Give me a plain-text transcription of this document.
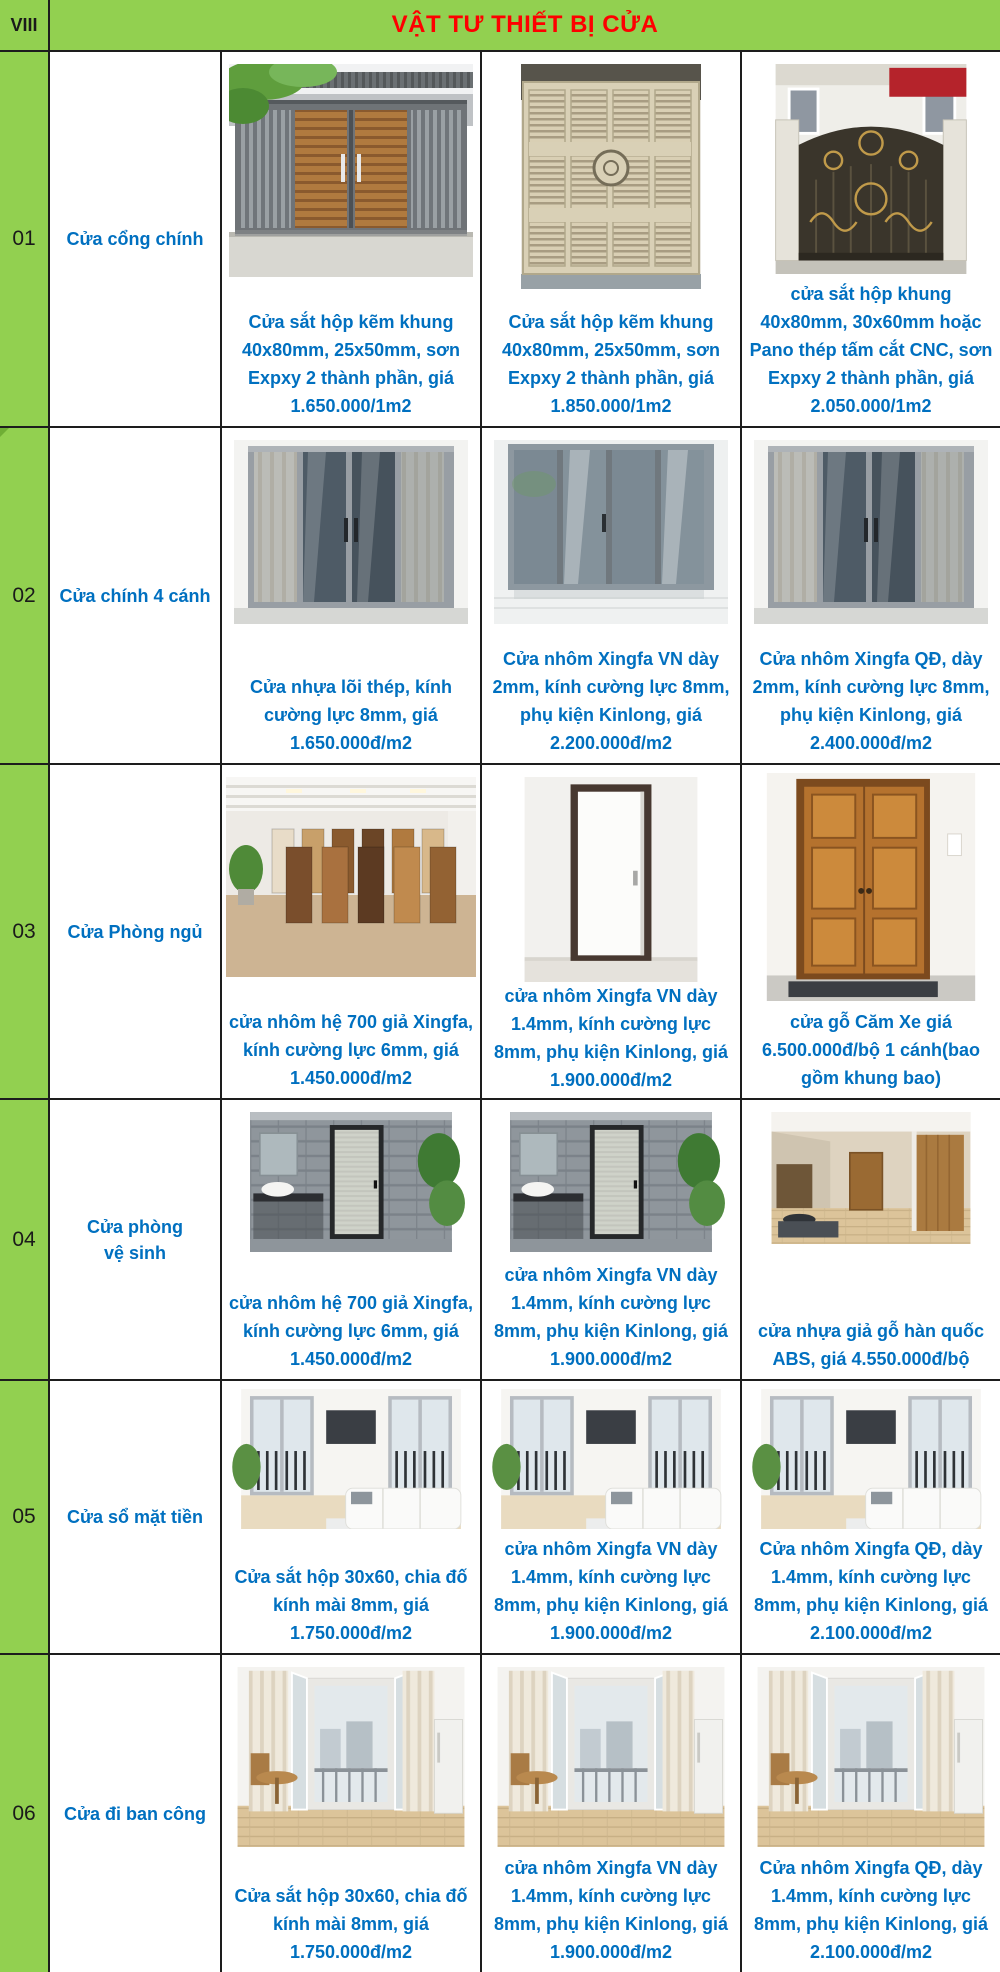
VIII	VẬT TƯ THIẾT BỊ CỬA
01 Cửa cổng chính
Cửa sắt hộp kẽm khung 40x80mm, 25x50mm, sơn Expxy 2 thành phần, giá 1.650.000/1m2
Cửa sắt hộp kẽm khung 40x80mm, 25x50mm, sơn Expxy 2 thành phần, giá 1.850.000/1m2
cửa sắt hộp khung 40x80mm, 30x60mm hoặc Pano thép tấm cắt CNC, sơn Expxy 2 thành phần, giá 2.050.000/1m2
02 Cửa chính 4 cánh
Cửa nhựa lõi thép, kính cường lực 8mm, giá 1.650.000đ/m2
Cửa nhôm Xingfa VN dày 2mm, kính cường lực 8mm, phụ kiện Kinlong, giá 2.200.000đ/m2
Cửa nhôm Xingfa QĐ, dày 2mm, kính cường lực 8mm, phụ kiện Kinlong, giá 2.400.000đ/m2
03 Cửa Phòng ngủ
cửa nhôm hệ 700 giả Xingfa, kính cường lực 6mm, giá 1.450.000đ/m2
cửa nhôm Xingfa VN dày 1.4mm, kính cường lực 8mm, phụ kiện Kinlong, giá 1.900.000đ/m2
cửa gỗ Căm Xe giá 6.500.000đ/bộ 1 cánh(bao gồm khung bao)
04
Cửa phòng vệ sinh
cửa nhôm hệ 700 giả Xingfa, kính cường lực 6mm, giá 1.450.000đ/m2
cửa nhôm Xingfa VN dày 1.4mm, kính cường lực 8mm, phụ kiện Kinlong, giá 1.900.000đ/m2
cửa nhựa giả gỗ hàn quốc ABS, giá 4.550.000đ/bộ
05 Cửa sổ mặt tiền
Cửa sắt hộp 30x60, chia đố kính mài 8mm, giá 1.750.000đ/m2
cửa nhôm Xingfa VN dày 1.4mm, kính cường lực 8mm, phụ kiện Kinlong, giá 1.900.000đ/m2
Cửa nhôm Xingfa QĐ, dày 1.4mm, kính cường lực 8mm, phụ kiện Kinlong, giá 2.100.000đ/m2
06 Cửa đi ban công
Cửa sắt hộp 30x60, chia đố kính mài 8mm, giá 1.750.000đ/m2
cửa nhôm Xingfa VN dày 1.4mm, kính cường lực 8mm, phụ kiện Kinlong, giá 1.900.000đ/m2
Cửa nhôm Xingfa QĐ, dày 1.4mm, kính cường lực 8mm, phụ kiện Kinlong, giá 2.100.000đ/m2
